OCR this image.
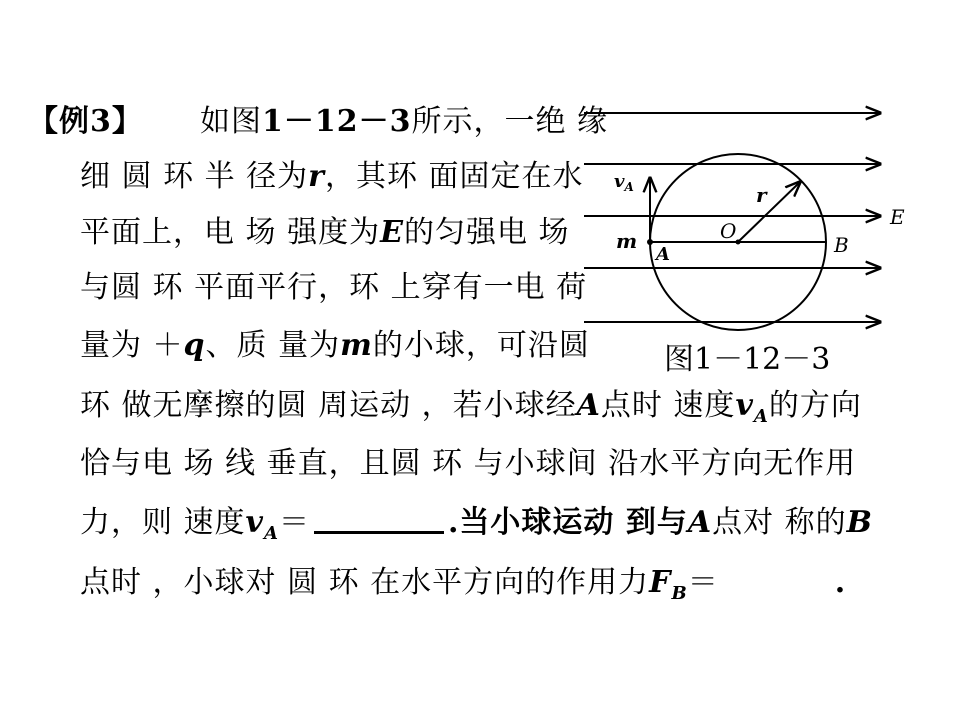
【例3】 如图1－12－3所示，一绝 缘
细 圆 环 半 径为r，其环 面固定在水
平面上，电 场 强度为E的匀强电 场
与圆 环 平面平行，环 上穿有一电 荷
量为 ＋q、质 量为m的小球，可沿圆
环 做无摩擦的圆 周运动 ，若小球经A点时 速度$v_A$的方向
恰与电 场 线 垂直，且圆 环 与小球间 沿水平方向无作用
力，则 速度$v_A=$	.当小球运动 到与A点对 称的B
点时 ，小球对 圆 环 在水平方向的作用力$F_B=$	.
$v_A$	r
O
E
m
A	B
图1－12－3
